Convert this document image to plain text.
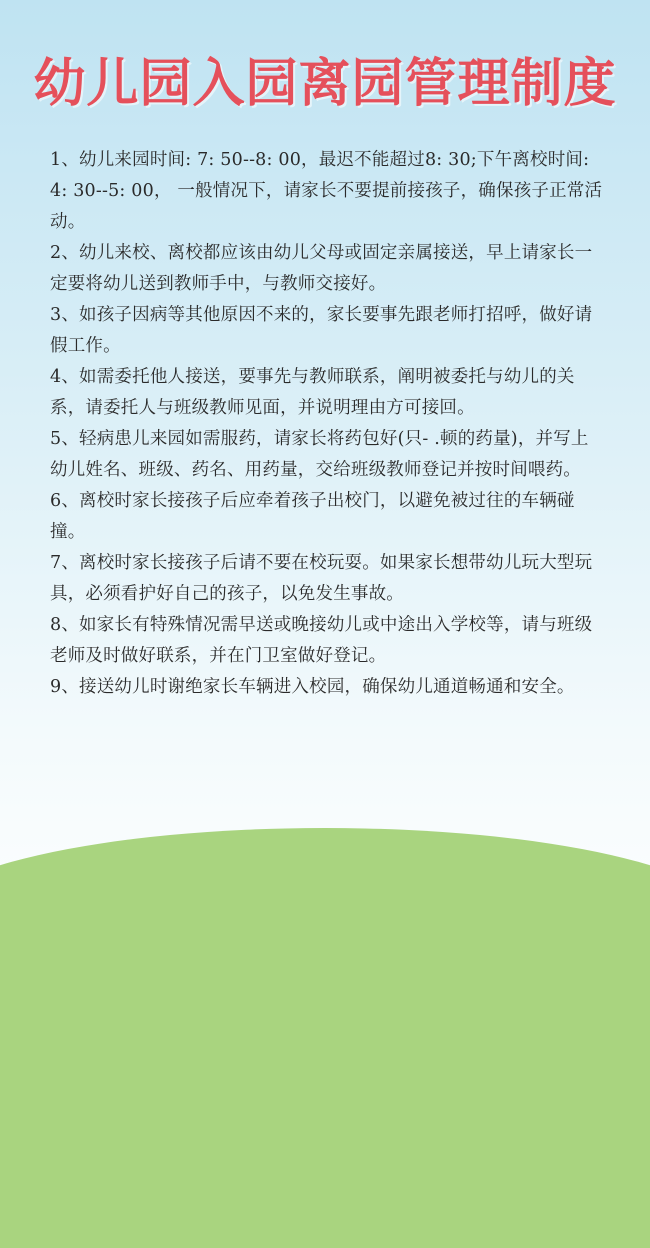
幼儿园入园离园管理制度
1、幼儿来园时间: 7: 50--8: 00，最迟不能超过8: 30;下午离校时间: 4: 30--5: 00， 一般情况下，请家长不要提前接孩子，确保孩子正常活动。
2、幼儿来校、离校都应该由幼儿父母或固定亲属接送，早上请家长一定要将幼儿送到教师手中，与教师交接好。
3、如孩子因病等其他原因不来的，家长要事先跟老师打招呼，做好请假工作。
4、如需委托他人接送，要事先与教师联系，阐明被委托与幼儿的关系，请委托人与班级教师见面，并说明理由方可接回。
5、轻病患儿来园如需服药，请家长将药包好(只- .顿的药量)，并写上幼儿姓名、班级、药名、用药量，交给班级教师登记并按时间喂药。
6、离校时家长接孩子后应牵着孩子出校门，以避免被过往的车辆碰撞。
7、离校时家长接孩子后请不要在校玩耍。如果家长想带幼儿玩大型玩具，必须看护好自己的孩子，以免发生事故。
8、如家长有特殊情况需早送或晚接幼儿或中途出入学校等，请与班级老师及时做好联系，并在门卫室做好登记。
9、接送幼儿时谢绝家长车辆进入校园，确保幼儿通道畅通和安全。
